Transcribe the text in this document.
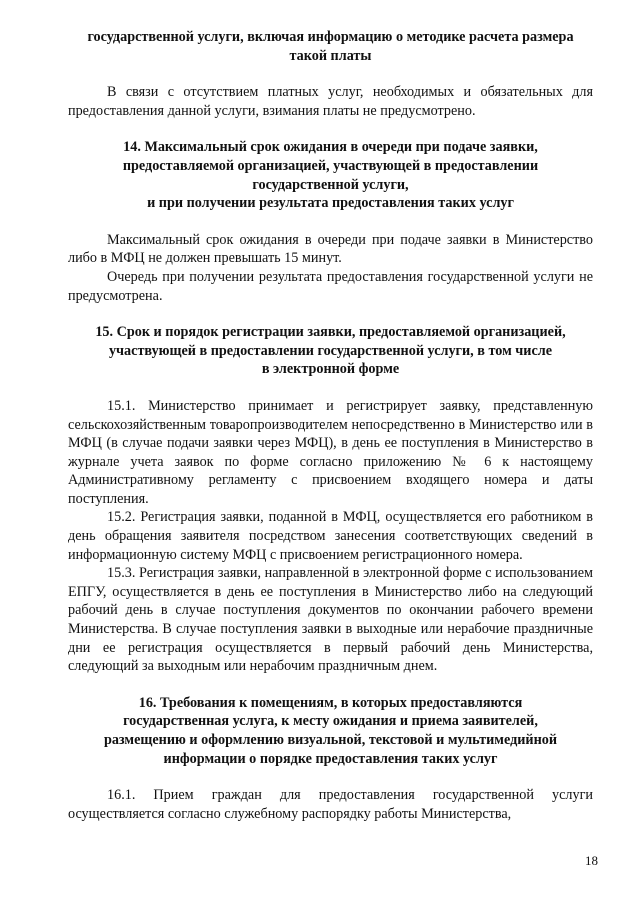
государственной услуги, включая информацию о методике расчета размера

такой платы

В связи с отсутствием платных услуг, необходимых и обязательных для предоставления данной услуги, взимания платы не предусмотрено.

14. Максимальный срок ожидания в очереди при подаче заявки,

предоставляемой организацией, участвующей в предоставлении

государственной услуги,

и при получении результата предоставления таких услуг

Максимальный срок ожидания в очереди при подаче заявки в Министерство либо в МФЦ не должен превышать 15 минут.

Очередь при получении результата предоставления государственной услуги не предусмотрена.

15. Срок и порядок регистрации заявки, предоставляемой организацией,

участвующей в предоставлении государственной услуги, в том числе

в электронной форме

15.1. Министерство принимает и регистрирует заявку, представленную сельскохозяйственным товаропроизводителем непосредственно в Министерство или в МФЦ (в случае подачи заявки через МФЦ), в день ее поступления в Министерство в журнале учета заявок по форме согласно приложению № 6 к настоящему Административному регламенту с присвоением входящего номера и даты поступления.

15.2. Регистрация заявки, поданной в МФЦ, осуществляется его работником в день обращения заявителя посредством занесения соответствующих сведений в информационную систему МФЦ с присвоением регистрационного номера.

15.3. Регистрация заявки, направленной в электронной форме с использованием ЕПГУ, осуществляется в день ее поступления в Министерство либо на следующий рабочий день в случае поступления документов по окончании рабочего времени Министерства. В случае поступления заявки в выходные или нерабочие праздничные дни ее регистрация осуществляется в первый рабочий день Министерства, следующий за выходным или нерабочим праздничным днем.

16. Требования к помещениям, в которых предоставляются

государственная услуга, к месту ожидания и приема заявителей,

размещению и оформлению визуальной, текстовой и мультимедийной

информации о порядке предоставления таких услуг

16.1. Прием граждан для предоставления государственной услуги осуществляется согласно служебному распорядку работы Министерства,

18
